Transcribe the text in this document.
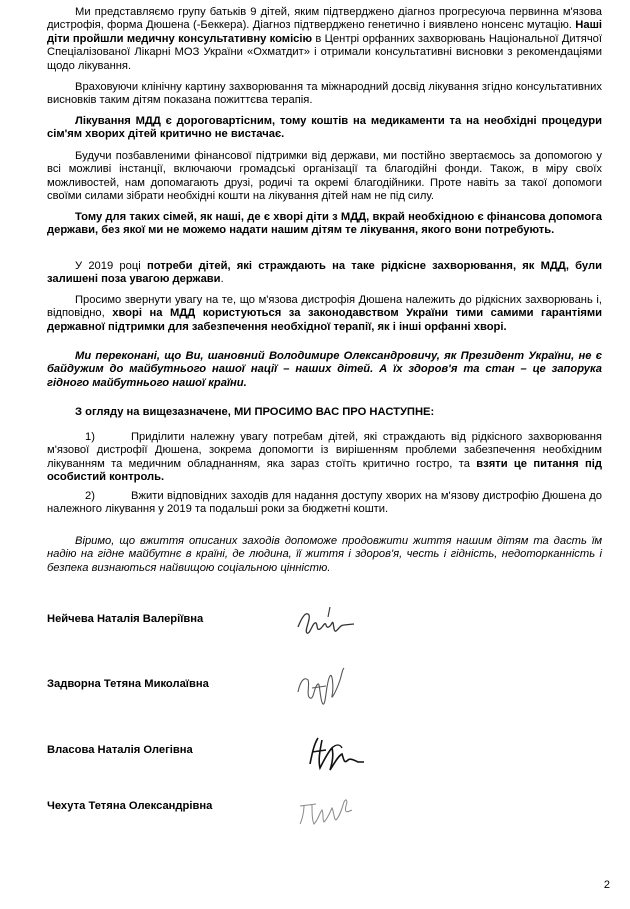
Ми представляємо групу батьків 9 дітей, яким підтверджено діагноз прогресуюча первинна м'язова дистрофія, форма Дюшена (-Беккера). Діагноз підтверджено генетично і виявлено нонсенс мутацію. Наші діти пройшли медичну консультативну комісію в Центрі орфанних захворювань Національної Дитячої Спеціалізованої Лікарні МОЗ України «Охматдит» і отримали консультативні висновки з рекомендаціями щодо лікування.

Враховуючи клінічну картину захворювання та міжнародний досвід лікування згідно консультативних висновків таким дітям показана пожиттєва терапія.

Лікування МДД є дороговартісним, тому коштів на медикаменти та на необхідні процедури сім'ям хворих дітей критично не вистачає.

Будучи позбавленими фінансової підтримки від держави, ми постійно звертаємось за допомогою у всі можливі інстанції, включаючи громадські організації та благодійні фонди. Також, в міру своїх можливостей, нам допомагають друзі, родичі та окремі благодійники. Проте навіть за такої допомоги своїми силами зібрати необхідні кошти на лікування дітей нам не під силу.

Тому для таких сімей, як наші, де є хворі діти з МДД, вкрай необхідною є фінансова допомога держави, без якої ми не можемо надати нашим дітям те лікування, якого вони потребують.

У 2019 році потреби дітей, які страждають на таке рідкісне захворювання, як МДД, були залишені поза увагою держави.

Просимо звернути увагу на те, що м'язова дистрофія Дюшена належить до рідкісних захворювань і, відповідно, хворі на МДД користуються за законодавством України тими самими гарантіями державної підтримки для забезпечення необхідної терапії, як і інші орфанні хворі.

Ми переконані, що Ви, шановний Володимире Олександровичу, як Президент України, не є байдужим до майбутнього нашої нації – наших дітей. А їх здоров'я та стан – це запорука гідного майбутнього нашої країни.

З огляду на вищезазначене, МИ ПРОСИМО ВАС ПРО НАСТУПНЕ:

1)	Приділити належну увагу потребам дітей, які страждають від рідкісного захворювання м'язової дистрофії Дюшена, зокрема допомогти із вирішенням проблеми забезпечення необхідним лікуванням та медичним обладнанням, яка зараз стоїть критично гостро, та взяти це питання під особистий контроль.

2)	Вжити відповідних заходів для надання доступу хворих на м'язову дистрофію Дюшена до належного лікування у 2019 та подальші роки за бюджетні кошти.

Віримо, що вжиття описаних заходів допоможе продовжити життя нашим дітям та дасть їм надію на гідне майбутнє в країні, де людина, її життя і здоров'я, честь і гідність, недоторканність і безпека визнаються найвищою соціальною цінністю.

Нейчева Наталія Валеріївна
Задворна Тетяна Миколаївна
Власова Наталія Олегівна
Чехута Тетяна Олександрівна
2
